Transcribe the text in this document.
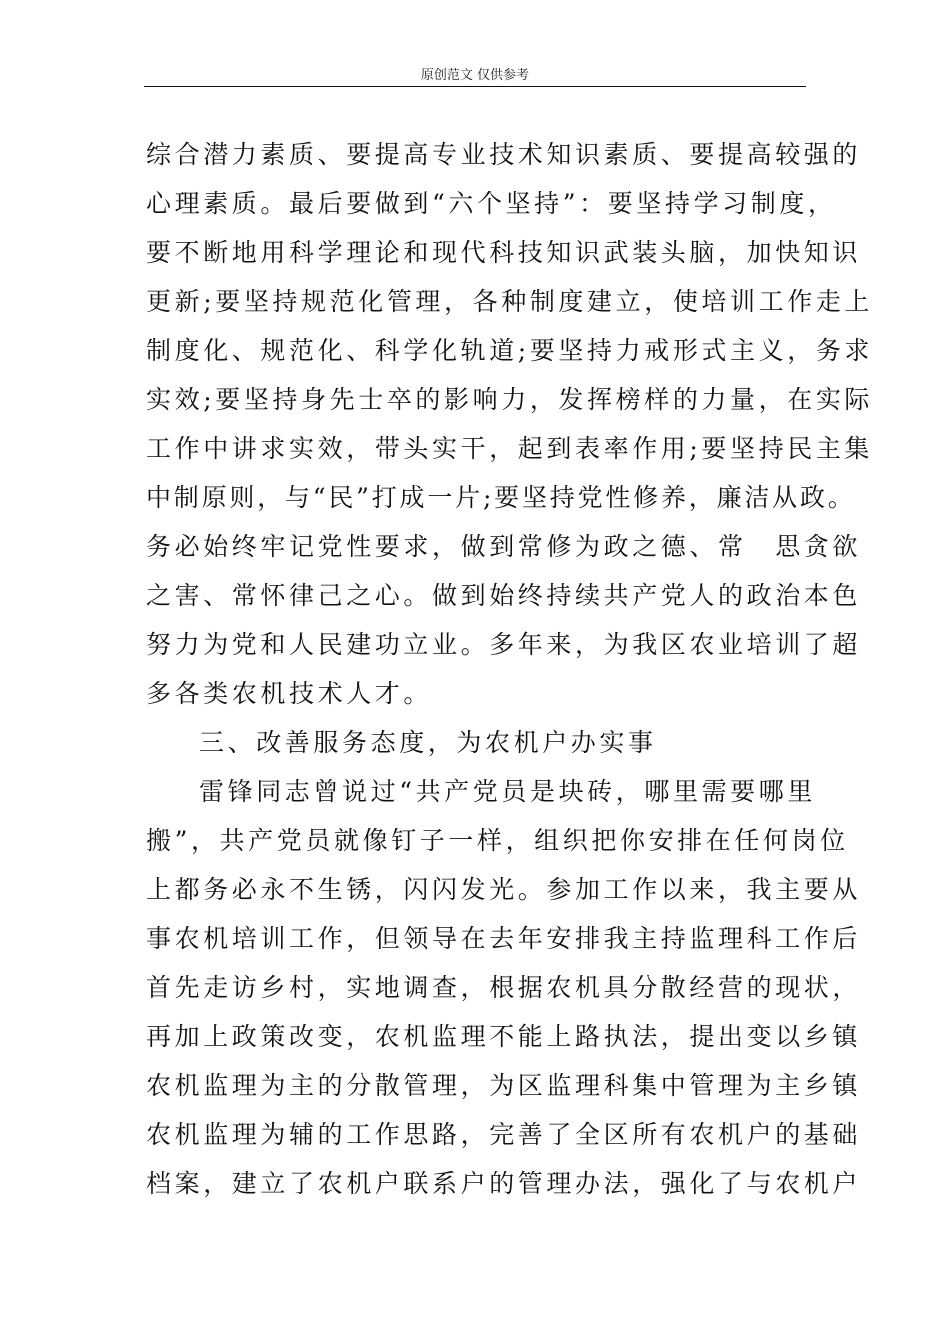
原创范文 仅供参考
综合潜力素质、要提高专业技术知识素质、要提高较强的
心理素质。最后要做到“六个坚持”：要坚持学习制度，
要不断地用科学理论和现代科技知识武装头脑，加快知识
更新;要坚持规范化管理，各种制度建立，使培训工作走上
制度化、规范化、科学化轨道;要坚持力戒形式主义，务求
实效;要坚持身先士卒的影响力，发挥榜样的力量，在实际
工作中讲求实效，带头实干，起到表率作用;要坚持民主集
中制原则，与“民”打成一片;要坚持党性修养，廉洁从政。
务必始终牢记党性要求，做到常修为政之德、常　思贪欲
之害、常怀律己之心。做到始终持续共产党人的政治本色
努力为党和人民建功立业。多年来，为我区农业培训了超
多各类农机技术人才。
三、改善服务态度，为农机户办实事
雷锋同志曾说过“共产党员是块砖，哪里需要哪里
搬”，共产党员就像钉子一样，组织把你安排在任何岗位
上都务必永不生锈，闪闪发光。参加工作以来，我主要从
事农机培训工作，但领导在去年安排我主持监理科工作后
首先走访乡村，实地调查，根据农机具分散经营的现状，
再加上政策改变，农机监理不能上路执法，提出变以乡镇
农机监理为主的分散管理，为区监理科集中管理为主乡镇
农机监理为辅的工作思路，完善了全区所有农机户的基础
档案，建立了农机户联系户的管理办法，强化了与农机户
